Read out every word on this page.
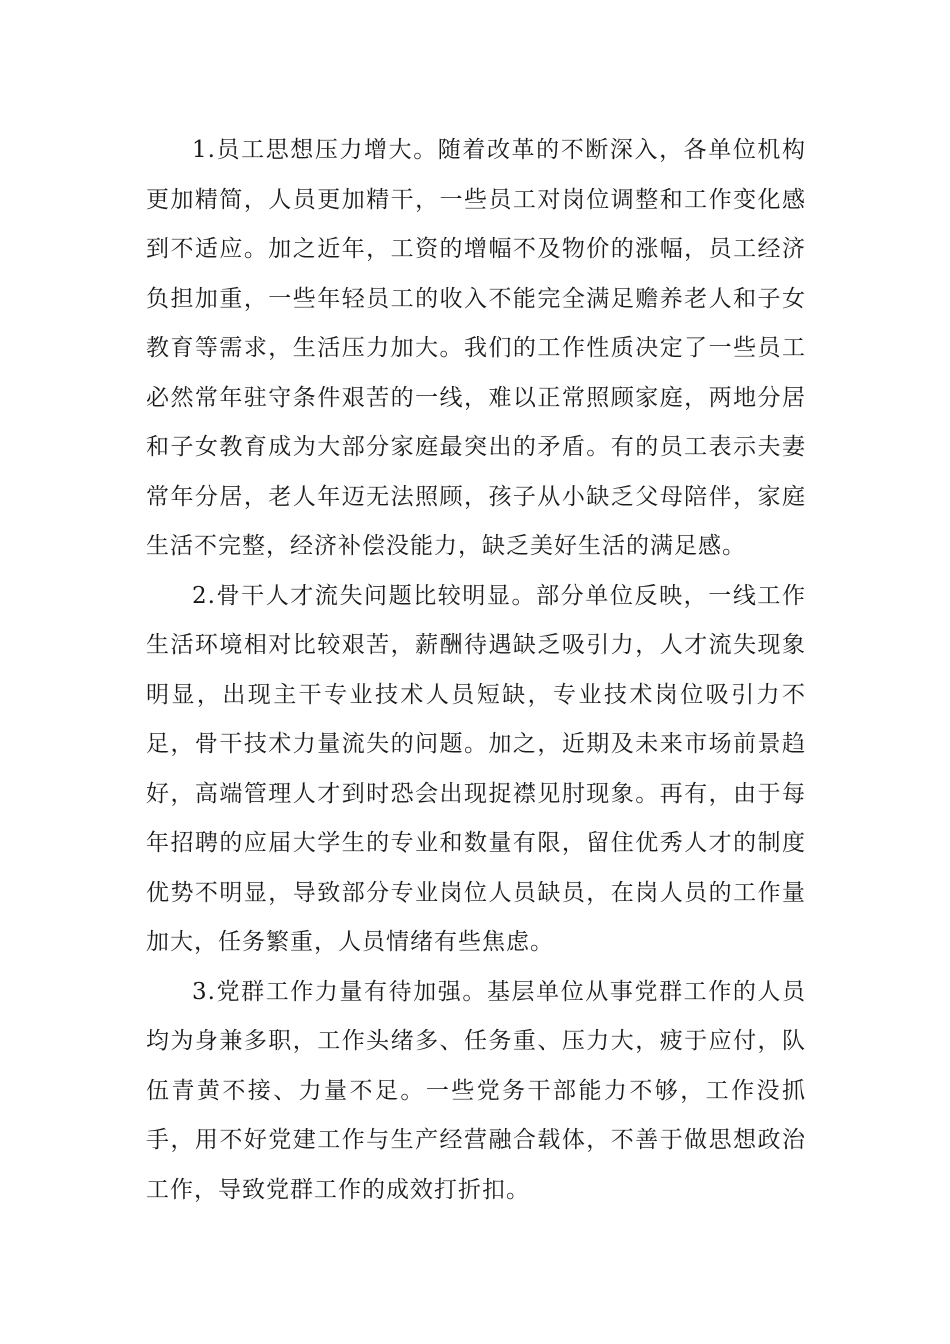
1.员工思想压力增大。随着改革的不断深入，各单位机构更加精简，人员更加精干，一些员工对岗位调整和工作变化感到不适应。加之近年，工资的增幅不及物价的涨幅，员工经济负担加重，一些年轻员工的收入不能完全满足赡养老人和子女教育等需求，生活压力加大。我们的工作性质决定了一些员工必然常年驻守条件艰苦的一线，难以正常照顾家庭，两地分居和子女教育成为大部分家庭最突出的矛盾。有的员工表示夫妻常年分居，老人年迈无法照顾，孩子从小缺乏父母陪伴，家庭生活不完整，经济补偿没能力，缺乏美好生活的满足感。

2.骨干人才流失问题比较明显。部分单位反映，一线工作生活环境相对比较艰苦，薪酬待遇缺乏吸引力，人才流失现象明显，出现主干专业技术人员短缺，专业技术岗位吸引力不足，骨干技术力量流失的问题。加之，近期及未来市场前景趋好，高端管理人才到时恐会出现捉襟见肘现象。再有，由于每年招聘的应届大学生的专业和数量有限，留住优秀人才的制度优势不明显，导致部分专业岗位人员缺员，在岗人员的工作量加大，任务繁重，人员情绪有些焦虑。

3.党群工作力量有待加强。基层单位从事党群工作的人员均为身兼多职，工作头绪多、任务重、压力大，疲于应付，队伍青黄不接、力量不足。一些党务干部能力不够，工作没抓手，用不好党建工作与生产经营融合载体，不善于做思想政治工作，导致党群工作的成效打折扣。
